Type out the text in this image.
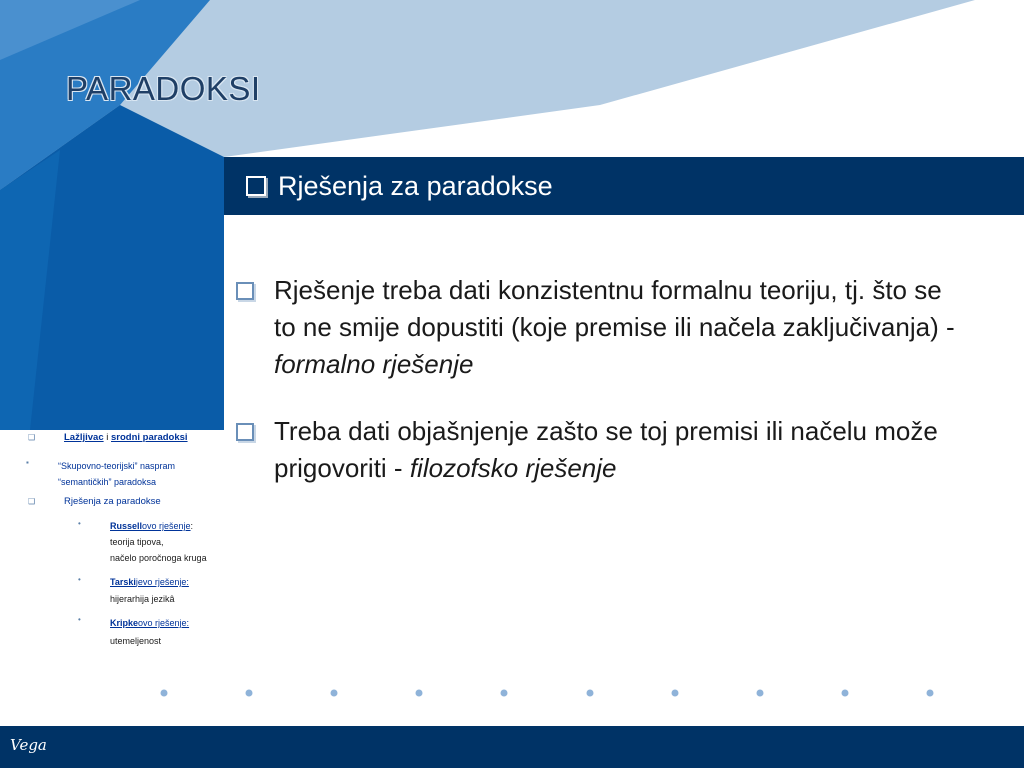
PARADOKSI
Rješenja za paradokse
Rješenje treba dati konzistentnu formalnu teoriju, tj. što se to ne smije dopustiti (koje premise ili načela zaključivanja) - formalno rješenje
Treba dati objašnjenje zašto se toj premisi ili načelu može prigovoriti - filozofsko rješenje
❑	Lažljivac i srodni paradoksi
▪	“Skupovno-teorijski” naspram
“semantičkih” paradoksa
❑	Rješenja za paradokse
•	Russellovo rješenje:
teorija tipova,
načelo poročnoga kruga
•	Tarskijevo rješenje:
hijerarhija jezikâ
•	Kripkeovo rješenje:
utemeljenost
Vega
